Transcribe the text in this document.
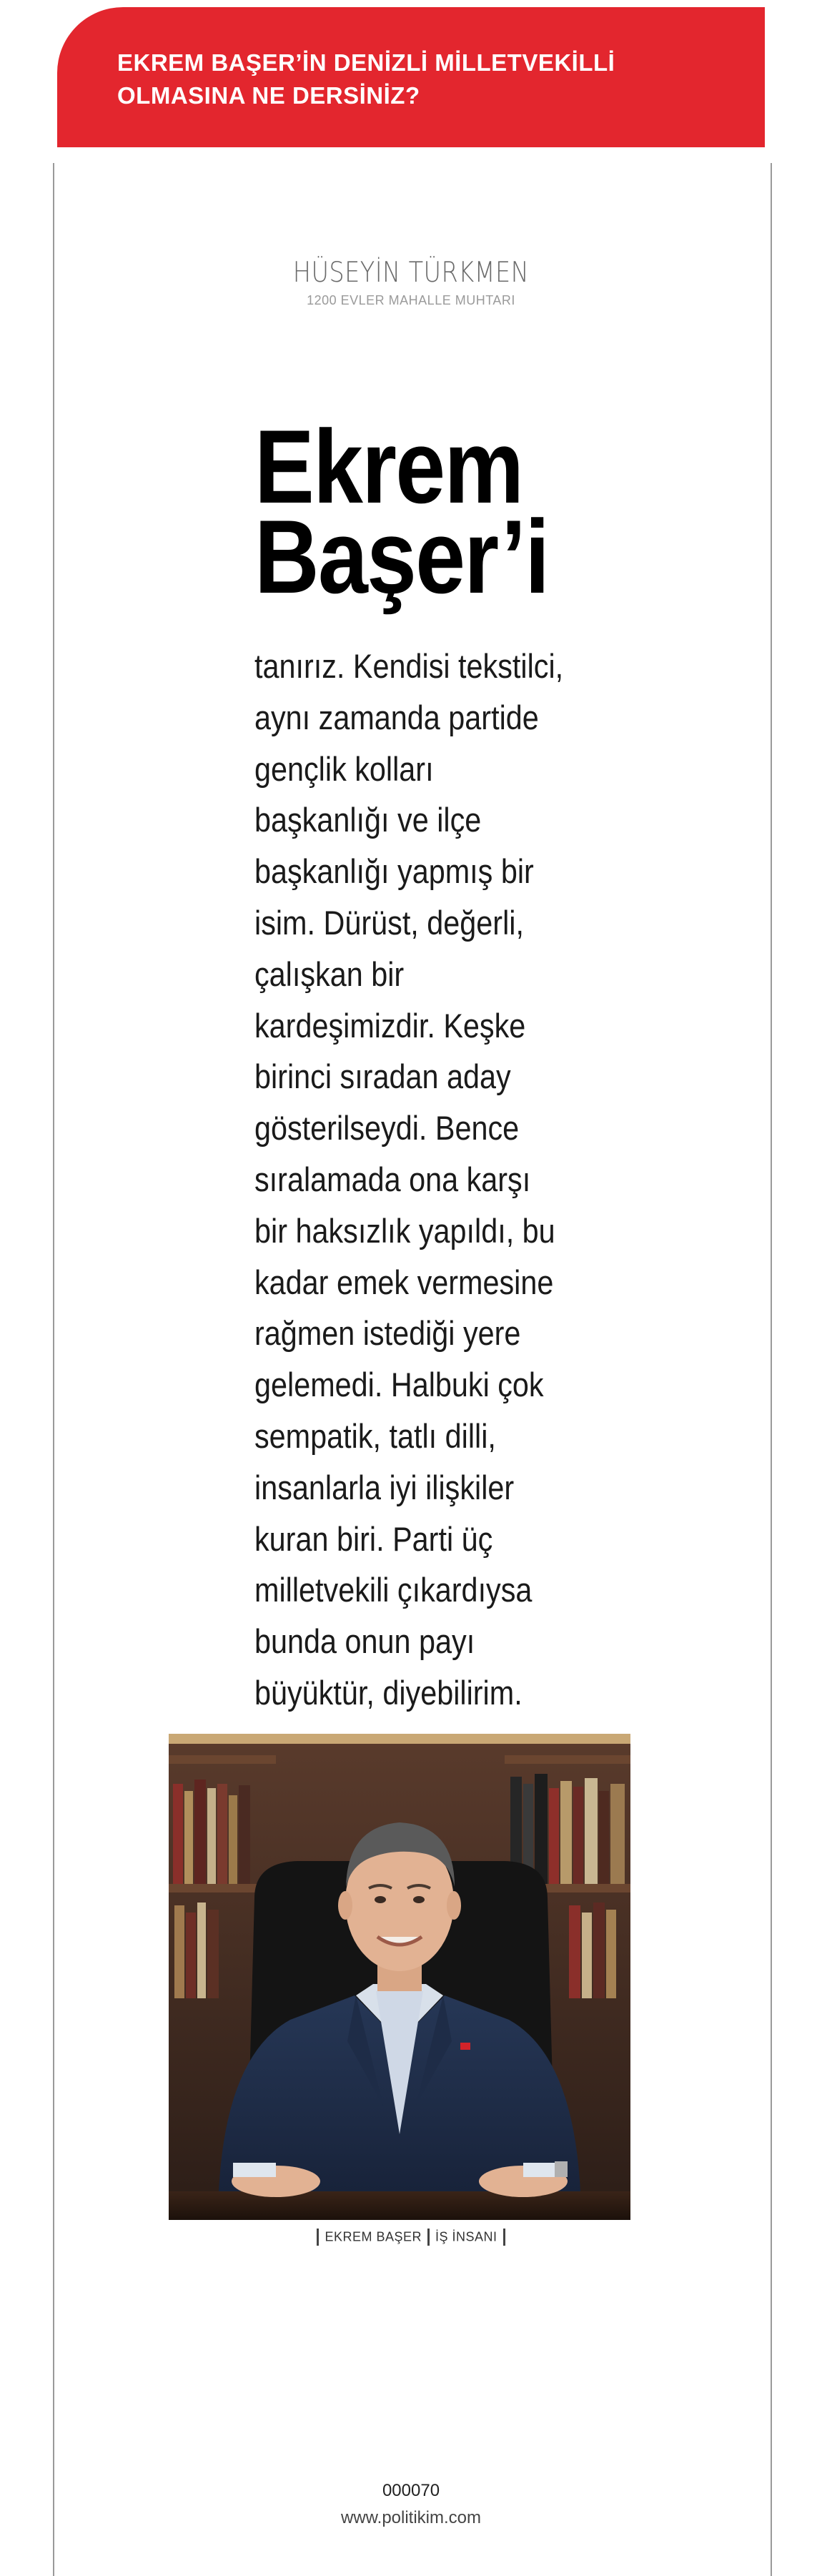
EKREM BAŞER’İN DENİZLİ MİLLETVEKİLLİ
OLMASINA NE DERSİNİZ?
HÜSEYİN TÜRKMEN
1200 EVLER MAHALLE MUHTARI
Ekrem
Başer’i
tanırız. Kendisi tekstilci,
aynı zamanda partide
gençlik kolları
başkanlığı ve ilçe
başkanlığı yapmış bir
isim. Dürüst, değerli,
çalışkan bir
kardeşimizdir. Keşke
birinci sıradan aday
gösterilseydi. Bence
sıralamada ona karşı
bir haksızlık yapıldı, bu
kadar emek vermesine
rağmen istediği yere
gelemedi. Halbuki çok
sempatik, tatlı dilli,
insanlarla iyi ilişkiler
kuran biri. Parti üç
milletvekili çıkardıysa
bunda onun payı
büyüktür, diyebilirim.
EKREM BAŞER İŞ İNSANI
000070
www.politikim.com
